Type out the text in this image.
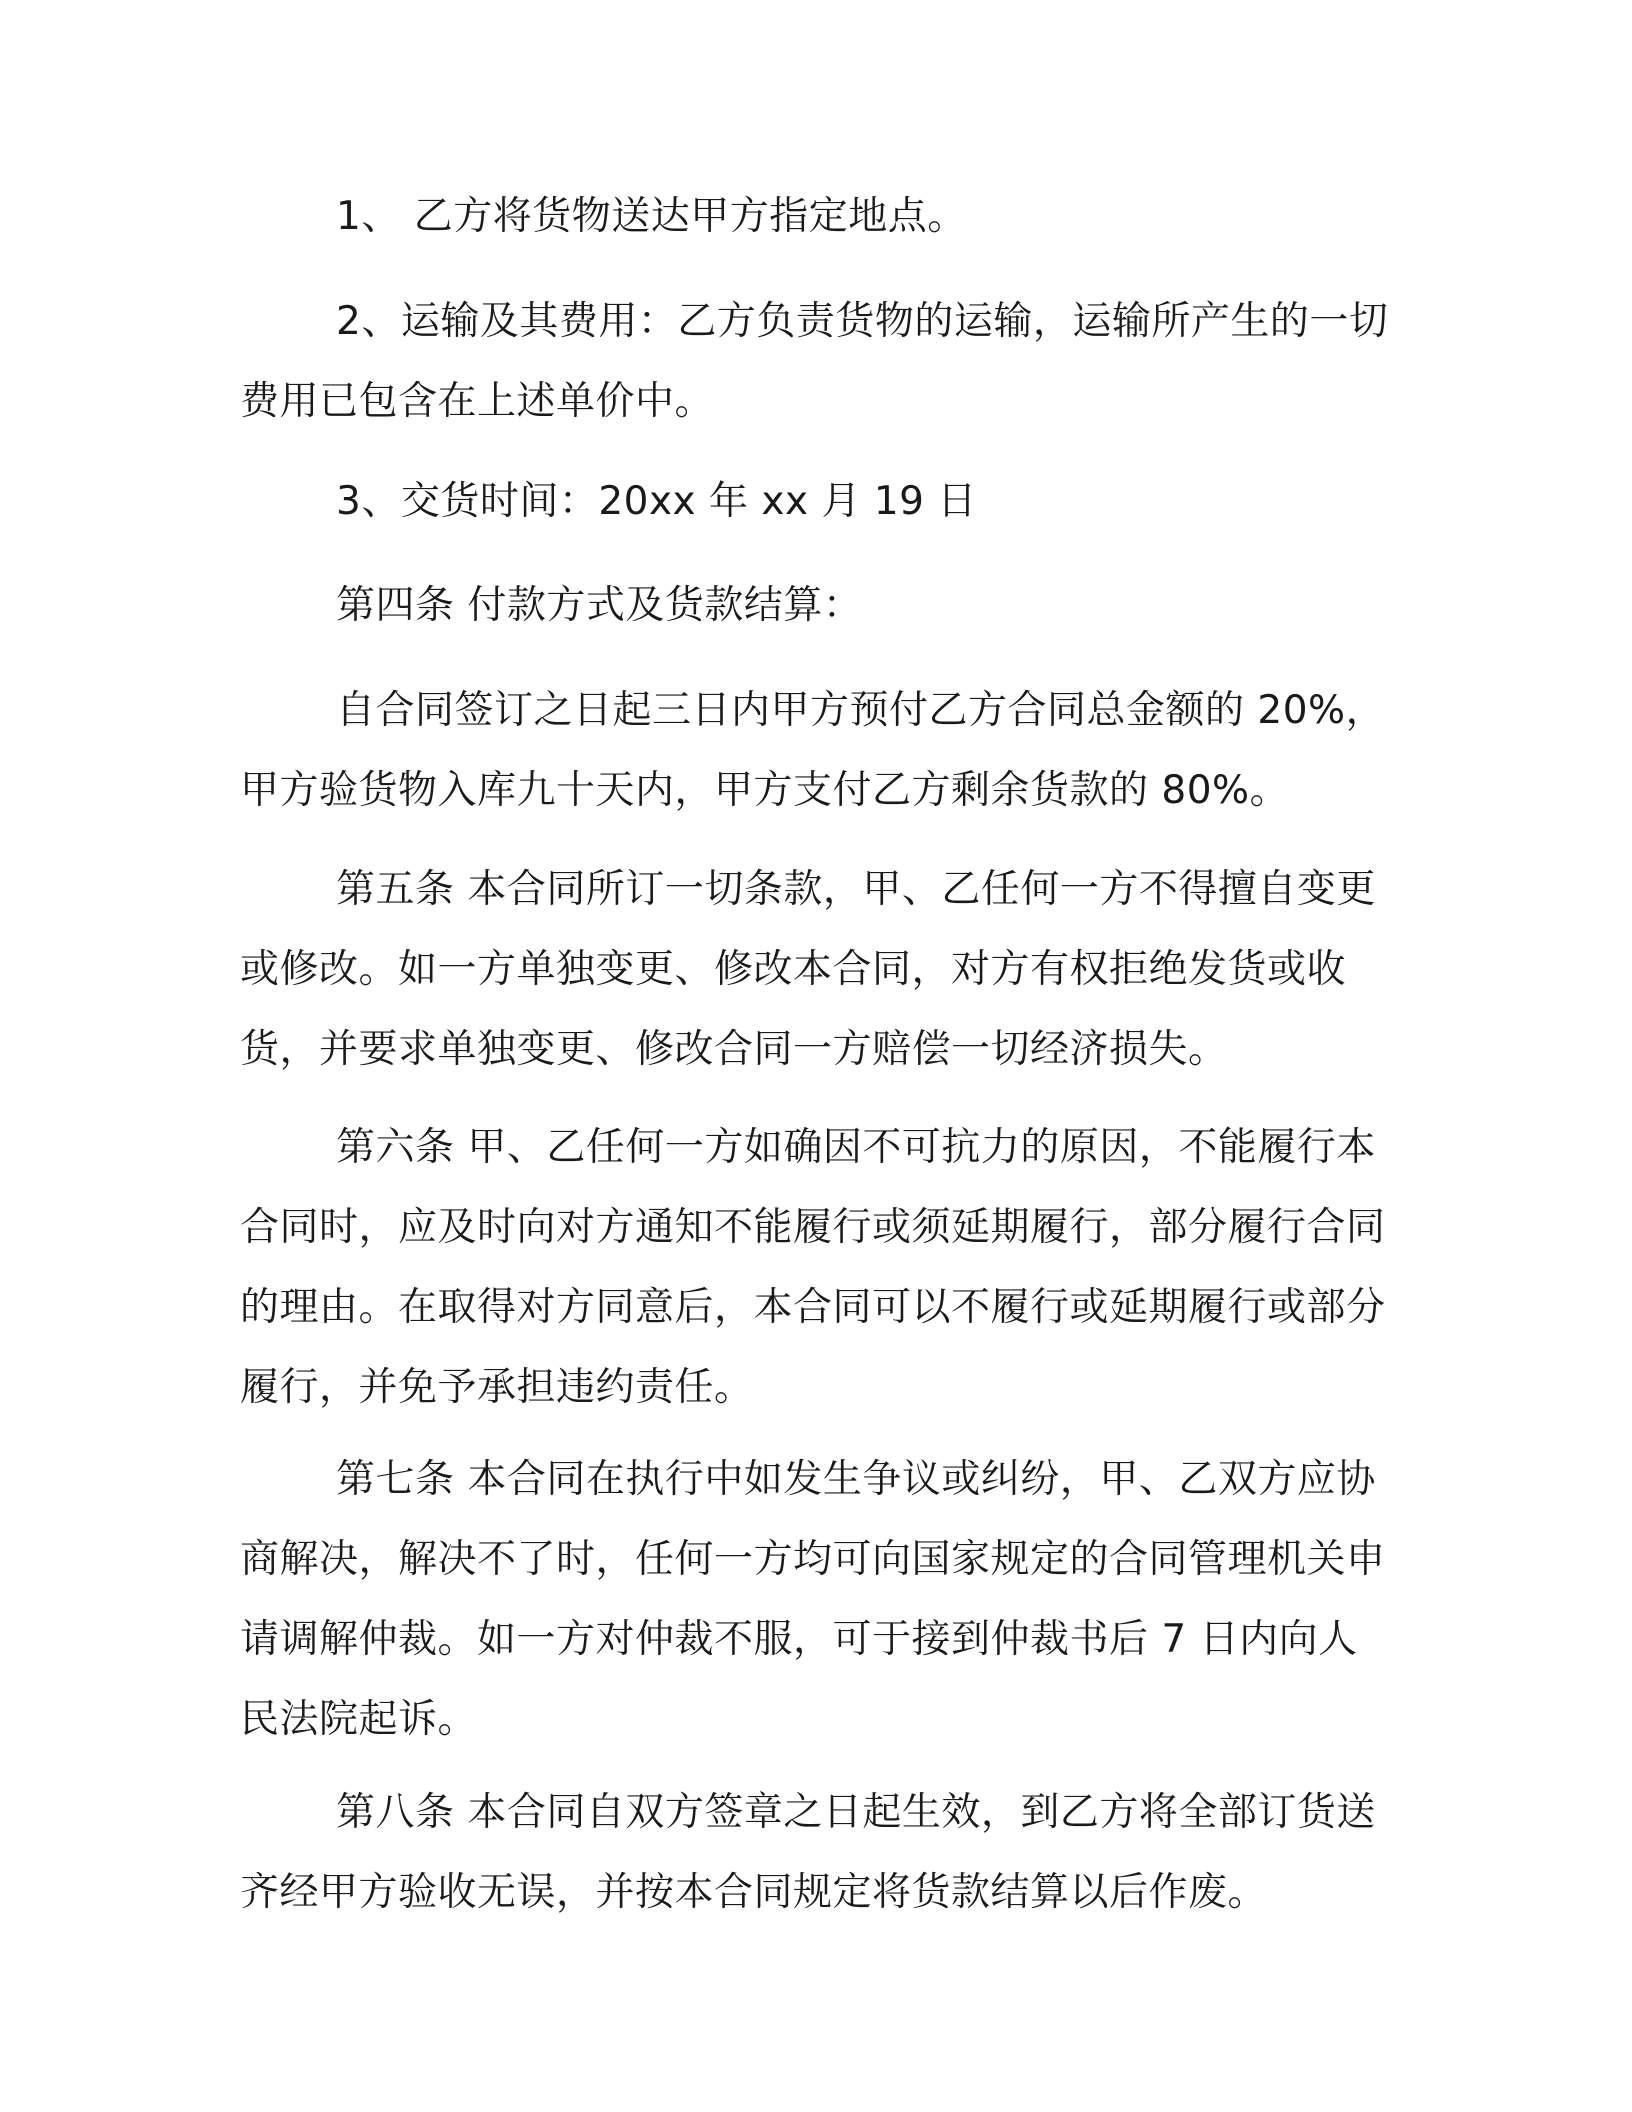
1、 乙方将货物送达甲方指定地点。

2、运输及其费用：乙方负责货物的运输，运输所产生的一切费用已包含在上述单价中。

3、交货时间：20xx 年 xx 月 19 日

第四条 付款方式及货款结算：

自合同签订之日起三日内甲方预付乙方合同总金额的 20%，甲方验货物入库九十天内，甲方支付乙方剩余货款的 80%。

第五条 本合同所订一切条款，甲、乙任何一方不得擅自变更或修改。如一方单独变更、修改本合同，对方有权拒绝发货或收货，并要求单独变更、修改合同一方赔偿一切经济损失。

第六条 甲、乙任何一方如确因不可抗力的原因，不能履行本合同时，应及时向对方通知不能履行或须延期履行，部分履行合同的理由。在取得对方同意后，本合同可以不履行或延期履行或部分履行，并免予承担违约责任。

第七条 本合同在执行中如发生争议或纠纷，甲、乙双方应协商解决，解决不了时，任何一方均可向国家规定的合同管理机关申请调解仲裁。如一方对仲裁不服，可于接到仲裁书后 7 日内向人民法院起诉。

第八条 本合同自双方签章之日起生效，到乙方将全部订货送齐经甲方验收无误，并按本合同规定将货款结算以后作废。
